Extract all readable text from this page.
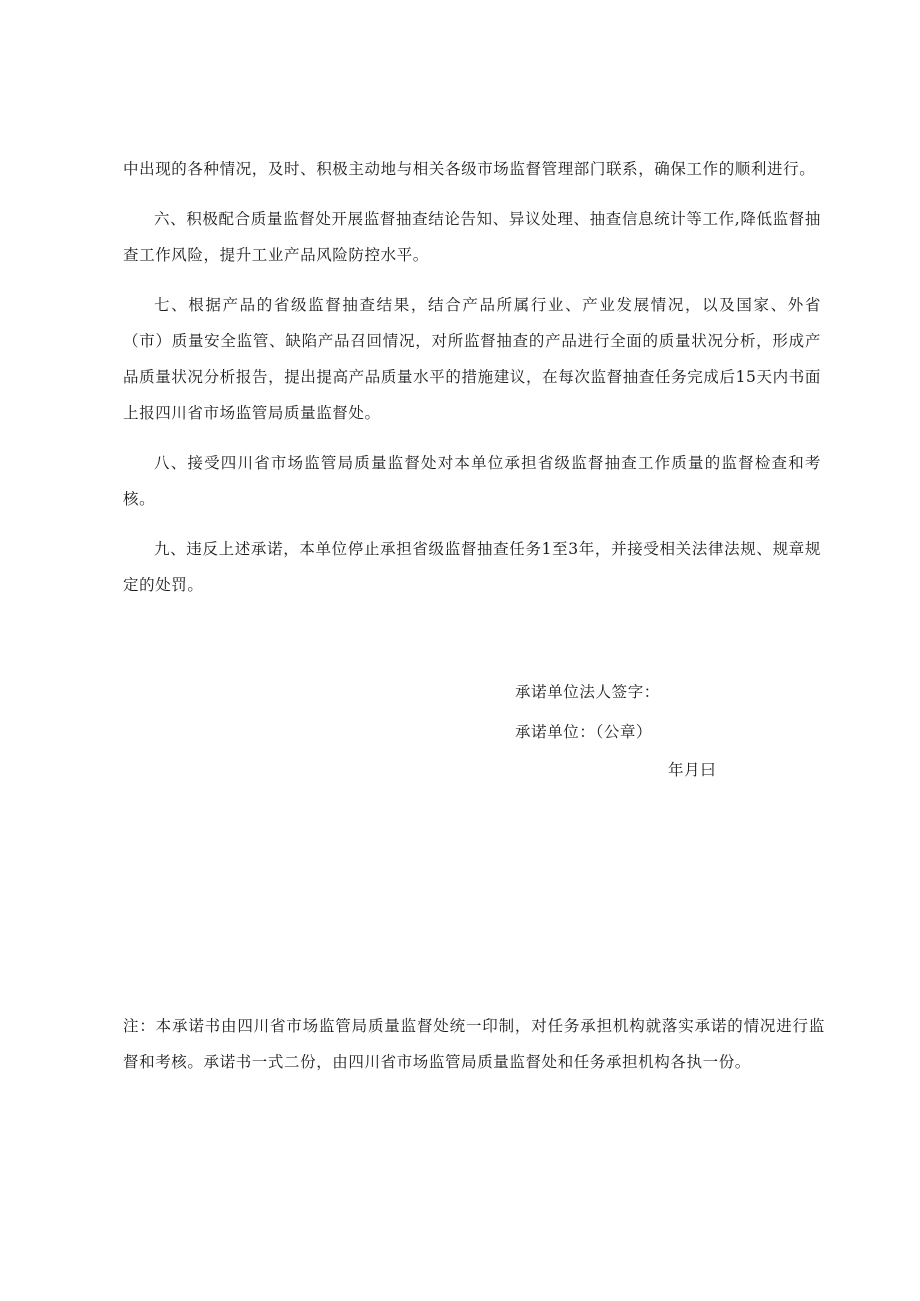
中出现的各种情况，及时、积极主动地与相关各级市场监督管理部门联系，确保工作的顺利进行。

六、积极配合质量监督处开展监督抽查结论告知、异议处理、抽查信息统计等工作,降低监督抽查工作风险，提升工业产品风险防控水平。

七、根据产品的省级监督抽查结果，结合产品所属行业、产业发展情况，以及国家、外省（市）质量安全监管、缺陷产品召回情况，对所监督抽查的产品进行全面的质量状况分析，形成产品质量状况分析报告，提出提高产品质量水平的措施建议，在每次监督抽查任务完成后15天内书面上报四川省市场监管局质量监督处。

八、接受四川省市场监管局质量监督处对本单位承担省级监督抽查工作质量的监督检查和考核。

九、违反上述承诺，本单位停止承担省级监督抽查任务1至3年，并接受相关法律法规、规章规定的处罚。

承诺单位法人签字：
承诺单位：（公章）
年月曰

注：本承诺书由四川省市场监管局质量监督处统一印制，对任务承担机构就落实承诺的情况进行监督和考核。承诺书一式二份，由四川省市场监管局质量监督处和任务承担机构各执一份。
